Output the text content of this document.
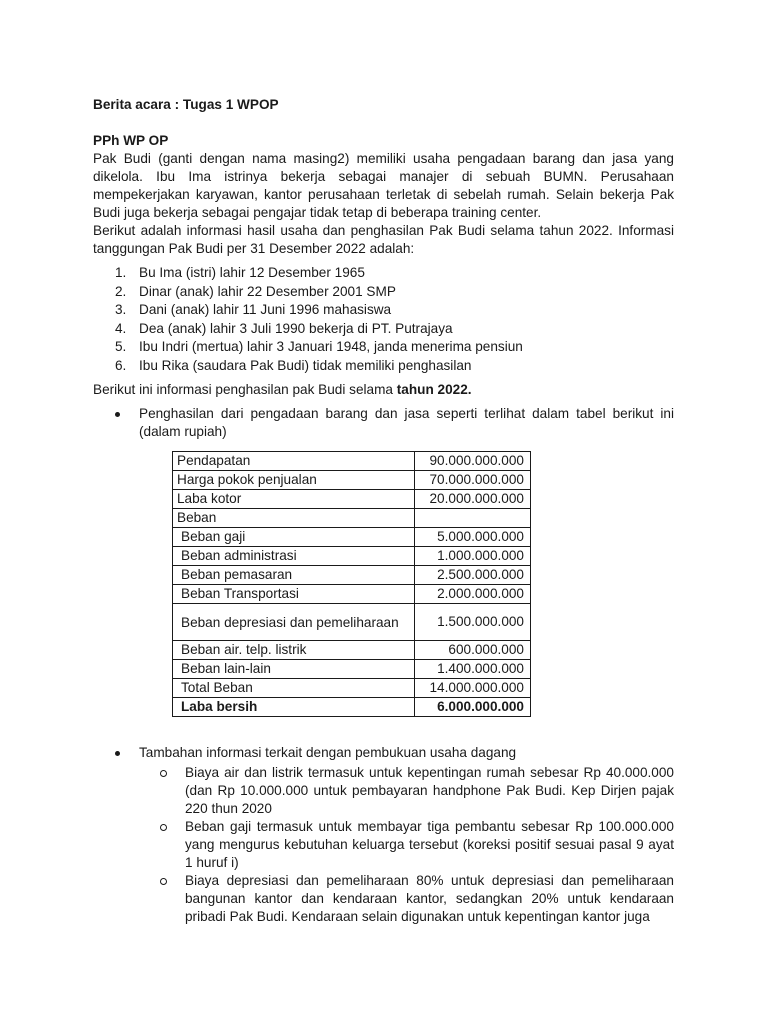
Berita acara : Tugas 1 WPOP

PPh WP OP

Pak Budi (ganti dengan nama masing2) memiliki usaha pengadaan barang dan jasa yang dikelola. Ibu Ima istrinya bekerja sebagai manajer di sebuah BUMN. Perusahaan mempekerjakan karyawan, kantor perusahaan terletak di sebelah rumah. Selain bekerja Pak Budi juga bekerja sebagai pengajar tidak tetap di beberapa training center.

Berikut adalah informasi hasil usaha dan penghasilan Pak Budi selama tahun 2022. Informasi tanggungan Pak Budi per 31 Desember 2022 adalah:

1. Bu Ima (istri) lahir 12 Desember 1965
2. Dinar (anak) lahir 22 Desember 2001 SMP
3. Dani (anak) lahir 11 Juni 1996 mahasiswa
4. Dea (anak) lahir 3 Juli 1990 bekerja di PT. Putrajaya
5. Ibu Indri (mertua) lahir 3 Januari 1948, janda menerima pensiun
6. Ibu Rika (saudara Pak Budi) tidak memiliki penghasilan

Berikut ini informasi penghasilan pak Budi selama tahun 2022.

Penghasilan dari pengadaan barang dan jasa seperti terlihat dalam tabel berikut ini (dalam rupiah)
Pendapatan	90.000.000.000
Harga pokok penjualan	70.000.000.000
Laba kotor	20.000.000.000
Beban	
Beban gaji	5.000.000.000
Beban administrasi	1.000.000.000
Beban pemasaran	2.500.000.000
Beban Transportasi	2.000.000.000
Beban depresiasi dan pemeliharaan	1.500.000.000
Beban air. telp. listrik	600.000.000
Beban lain-lain	1.400.000.000
Total Beban	14.000.000.000
Laba bersih	6.000.000.000
Tambahan informasi terkait dengan pembukuan usaha dagang
Biaya air dan listrik termasuk untuk kepentingan rumah sebesar Rp 40.000.000 (dan Rp 10.000.000 untuk pembayaran handphone Pak Budi. Kep Dirjen pajak 220 thun 2020
Beban gaji termasuk untuk membayar tiga pembantu sebesar Rp 100.000.000 yang mengurus kebutuhan keluarga tersebut (koreksi positif sesuai pasal 9 ayat 1 huruf i)
Biaya depresiasi dan pemeliharaan 80% untuk depresiasi dan pemeliharaan bangunan kantor dan kendaraan kantor, sedangkan 20% untuk kendaraan pribadi Pak Budi. Kendaraan selain digunakan untuk kepentingan kantor juga
